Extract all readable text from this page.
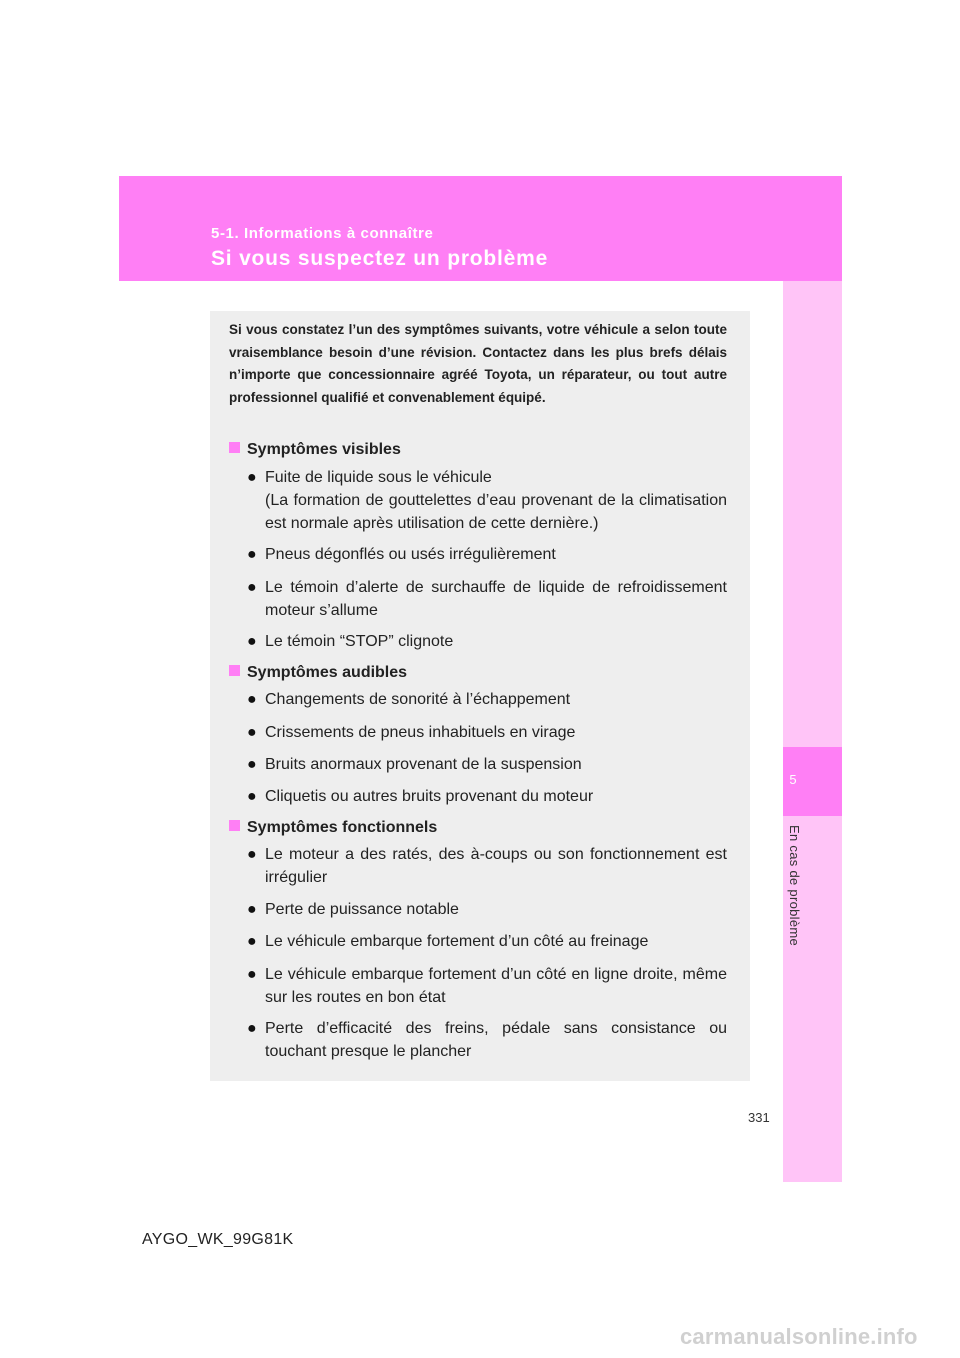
5-1. Informations à connaître
Si vous suspectez un problème
5
En cas de problème
Si vous constatez l’un des symptômes suivants, votre véhicule a selon toute vraisemblance besoin d’une révision. Contactez dans les plus brefs délais n’importe que concessionnaire agréé Toyota, un réparateur, ou tout autre professionnel qualifié et convenablement équipé.
Symptômes visibles
● Fuite de liquide sous le véhicule
(La formation de gouttelettes d’eau provenant de la climatisation est normale après utilisation de cette dernière.)
● Pneus dégonflés ou usés irrégulièrement
● Le témoin d’alerte de surchauffe de liquide de refroidissement moteur s’allume
● Le témoin “STOP” clignote
Symptômes audibles
● Changements de sonorité à l’échappement
● Crissements de pneus inhabituels en virage
● Bruits anormaux provenant de la suspension
● Cliquetis ou autres bruits provenant du moteur
Symptômes fonctionnels
● Le moteur a des ratés, des à-coups ou son fonctionnement est irrégulier
● Perte de puissance notable
● Le véhicule embarque fortement d’un côté au freinage
● Le véhicule embarque fortement d’un côté en ligne droite, même sur les routes en bon état
● Perte d’efficacité des freins, pédale sans consistance ou touchant presque le plancher
331
AYGO_WK_99G81K
carmanualsonline.info
